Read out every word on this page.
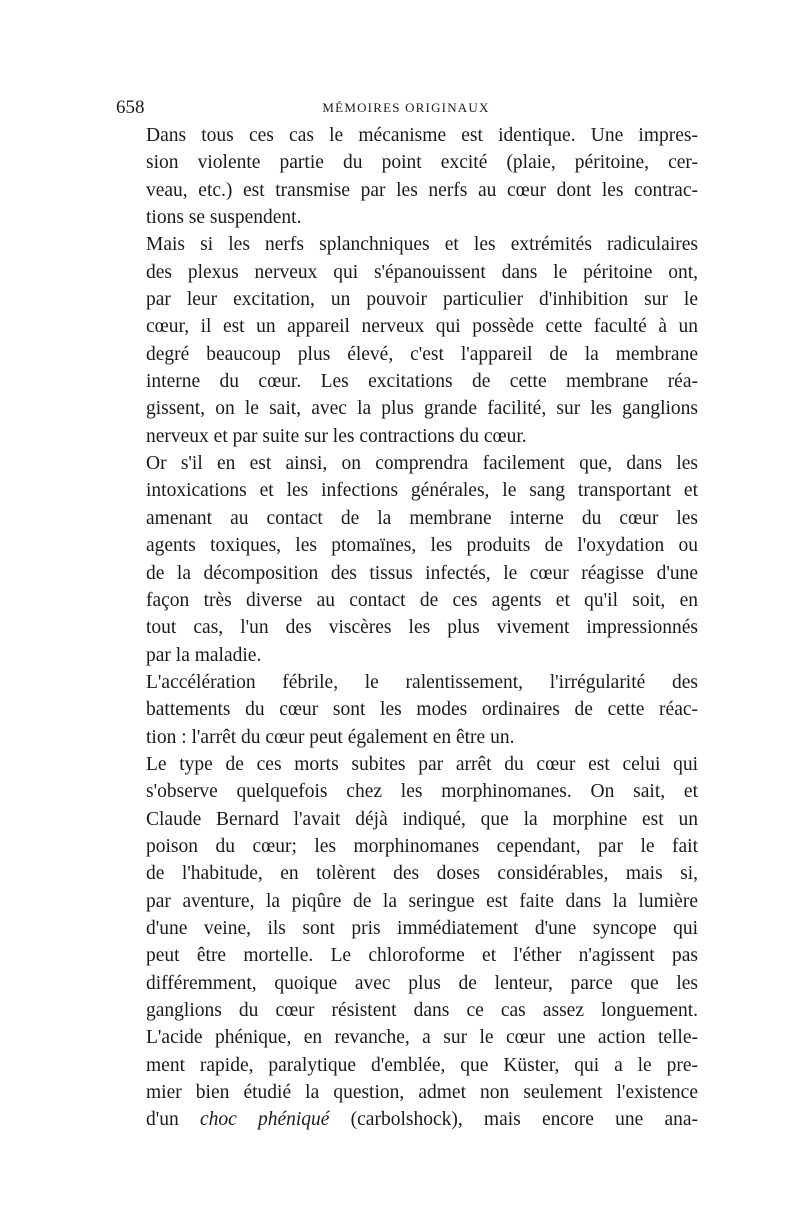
658	MÉMOIRES ORIGINAUX
Dans tous ces cas le mécanisme est identique. Une impres-
sion violente partie du point excité (plaie, péritoine, cer-
veau, etc.) est transmise par les nerfs au cœur dont les contrac-
tions se suspendent.
Mais si les nerfs splanchniques et les extrémités radiculaires
des plexus nerveux qui s'épanouissent dans le péritoine ont,
par leur excitation, un pouvoir particulier d'inhibition sur le
cœur, il est un appareil nerveux qui possède cette faculté à un
degré beaucoup plus élevé, c'est l'appareil de la membrane
interne du cœur. Les excitations de cette membrane réa-
gissent, on le sait, avec la plus grande facilité, sur les ganglions
nerveux et par suite sur les contractions du cœur.
Or s'il en est ainsi, on comprendra facilement que, dans les
intoxications et les infections générales, le sang transportant et
amenant au contact de la membrane interne du cœur les
agents toxiques, les ptomaïnes, les produits de l'oxydation ou
de la décomposition des tissus infectés, le cœur réagisse d'une
façon très diverse au contact de ces agents et qu'il soit, en
tout cas, l'un des viscères les plus vivement impressionnés
par la maladie.
L'accélération fébrile, le ralentissement, l'irrégularité des
battements du cœur sont les modes ordinaires de cette réac-
tion : l'arrêt du cœur peut également en être un.
Le type de ces morts subites par arrêt du cœur est celui qui
s'observe quelquefois chez les morphinomanes. On sait, et
Claude Bernard l'avait déjà indiqué, que la morphine est un
poison du cœur; les morphinomanes cependant, par le fait
de l'habitude, en tolèrent des doses considérables, mais si,
par aventure, la piqûre de la seringue est faite dans la lumière
d'une veine, ils sont pris immédiatement d'une syncope qui
peut être mortelle. Le chloroforme et l'éther n'agissent pas
différemment, quoique avec plus de lenteur, parce que les
ganglions du cœur résistent dans ce cas assez longuement.
L'acide phénique, en revanche, a sur le cœur une action telle-
ment rapide, paralytique d'emblée, que Küster, qui a le pre-
mier bien étudié la question, admet non seulement l'existence
d'un choc phéniqué (carbolshock), mais encore une ana-
